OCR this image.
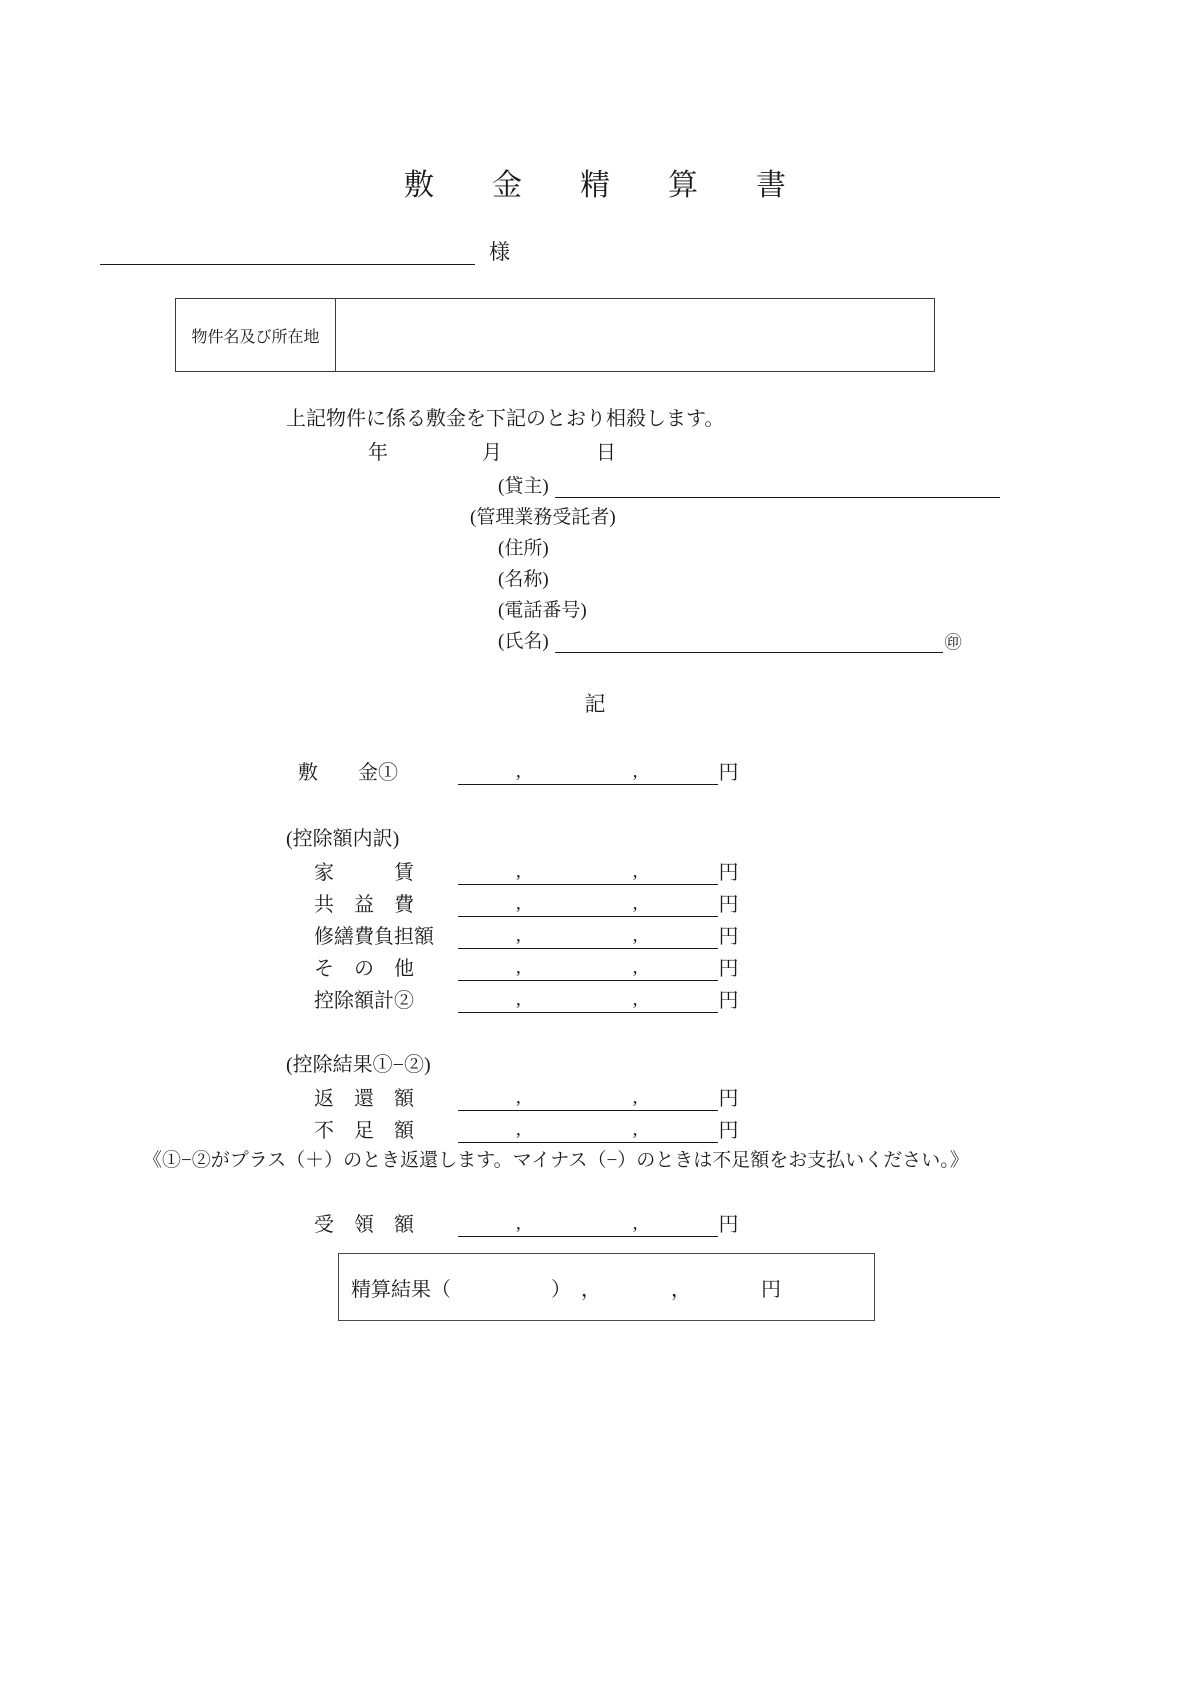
敷　金　精　算　書
様
物件名及び所在地
上記物件に係る敷金を下記のとおり相殺します。
年　　月　　日
(貸主)
(管理業務受託者)
(住所)
(名称)
(電話番号)
(氏名)	㊞
記
敷　　金①	,	,	円
(控除額内訳)
家　　　賃	,	,	円
共　益　費	,	,	円
修繕費負担額	,	,	円
そ　の　他	,	,	円
控除額計②	,	,	円
(控除結果①−②)
返　還　額	,	,	円
不　足　額	,	,	円
《①−②がプラス（＋）のとき返還します。マイナス（−）のときは不足額をお支払いください。》
受　領　額	,	,	円
精算結果（　　　　　）　，　　　　，　　　　円
